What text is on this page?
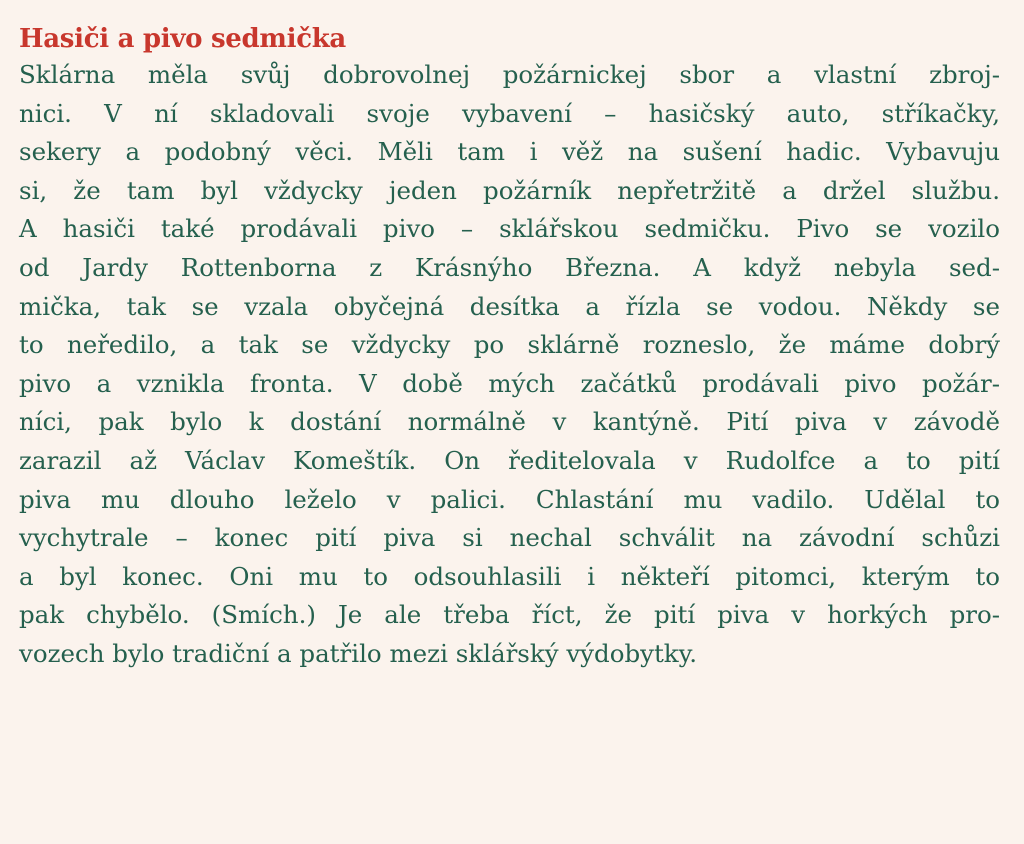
Hasiči a pivo sedmička
Sklárna měla svůj dobrovolnej požárnickej sbor a vlastní zbroj-
nici. V ní skladovali svoje vybavení – hasičský auto, stříkačky,
sekery a podobný věci. Měli tam i věž na sušení hadic. Vybavuju
si, že tam byl vždycky jeden požárník nepřetržitě a držel službu.
A hasiči také prodávali pivo – sklářskou sedmičku. Pivo se vozilo
od Jardy Rottenborna z Krásnýho Března. A když nebyla sed-
mička, tak se vzala obyčejná desítka a řízla se vodou. Někdy se
to neředilo, a tak se vždycky po sklárně rozneslo, že máme dobrý
pivo a vznikla fronta. V době mých začátků prodávali pivo požár-
níci, pak bylo k dostání normálně v kantýně. Pití piva v závodě
zarazil až Václav Komeštík. On ředitelovala v Rudolfce a to pití
piva mu dlouho leželo v palici. Chlastání mu vadilo. Udělal to
vychytrale – konec pití piva si nechal schválit na závodní schůzi
a byl konec. Oni mu to odsouhlasili i někteří pitomci, kterým to
pak chybělo. (Smích.) Je ale třeba říct, že pití piva v horkých pro-
vozech bylo tradiční a patřilo mezi sklářský výdobytky.
